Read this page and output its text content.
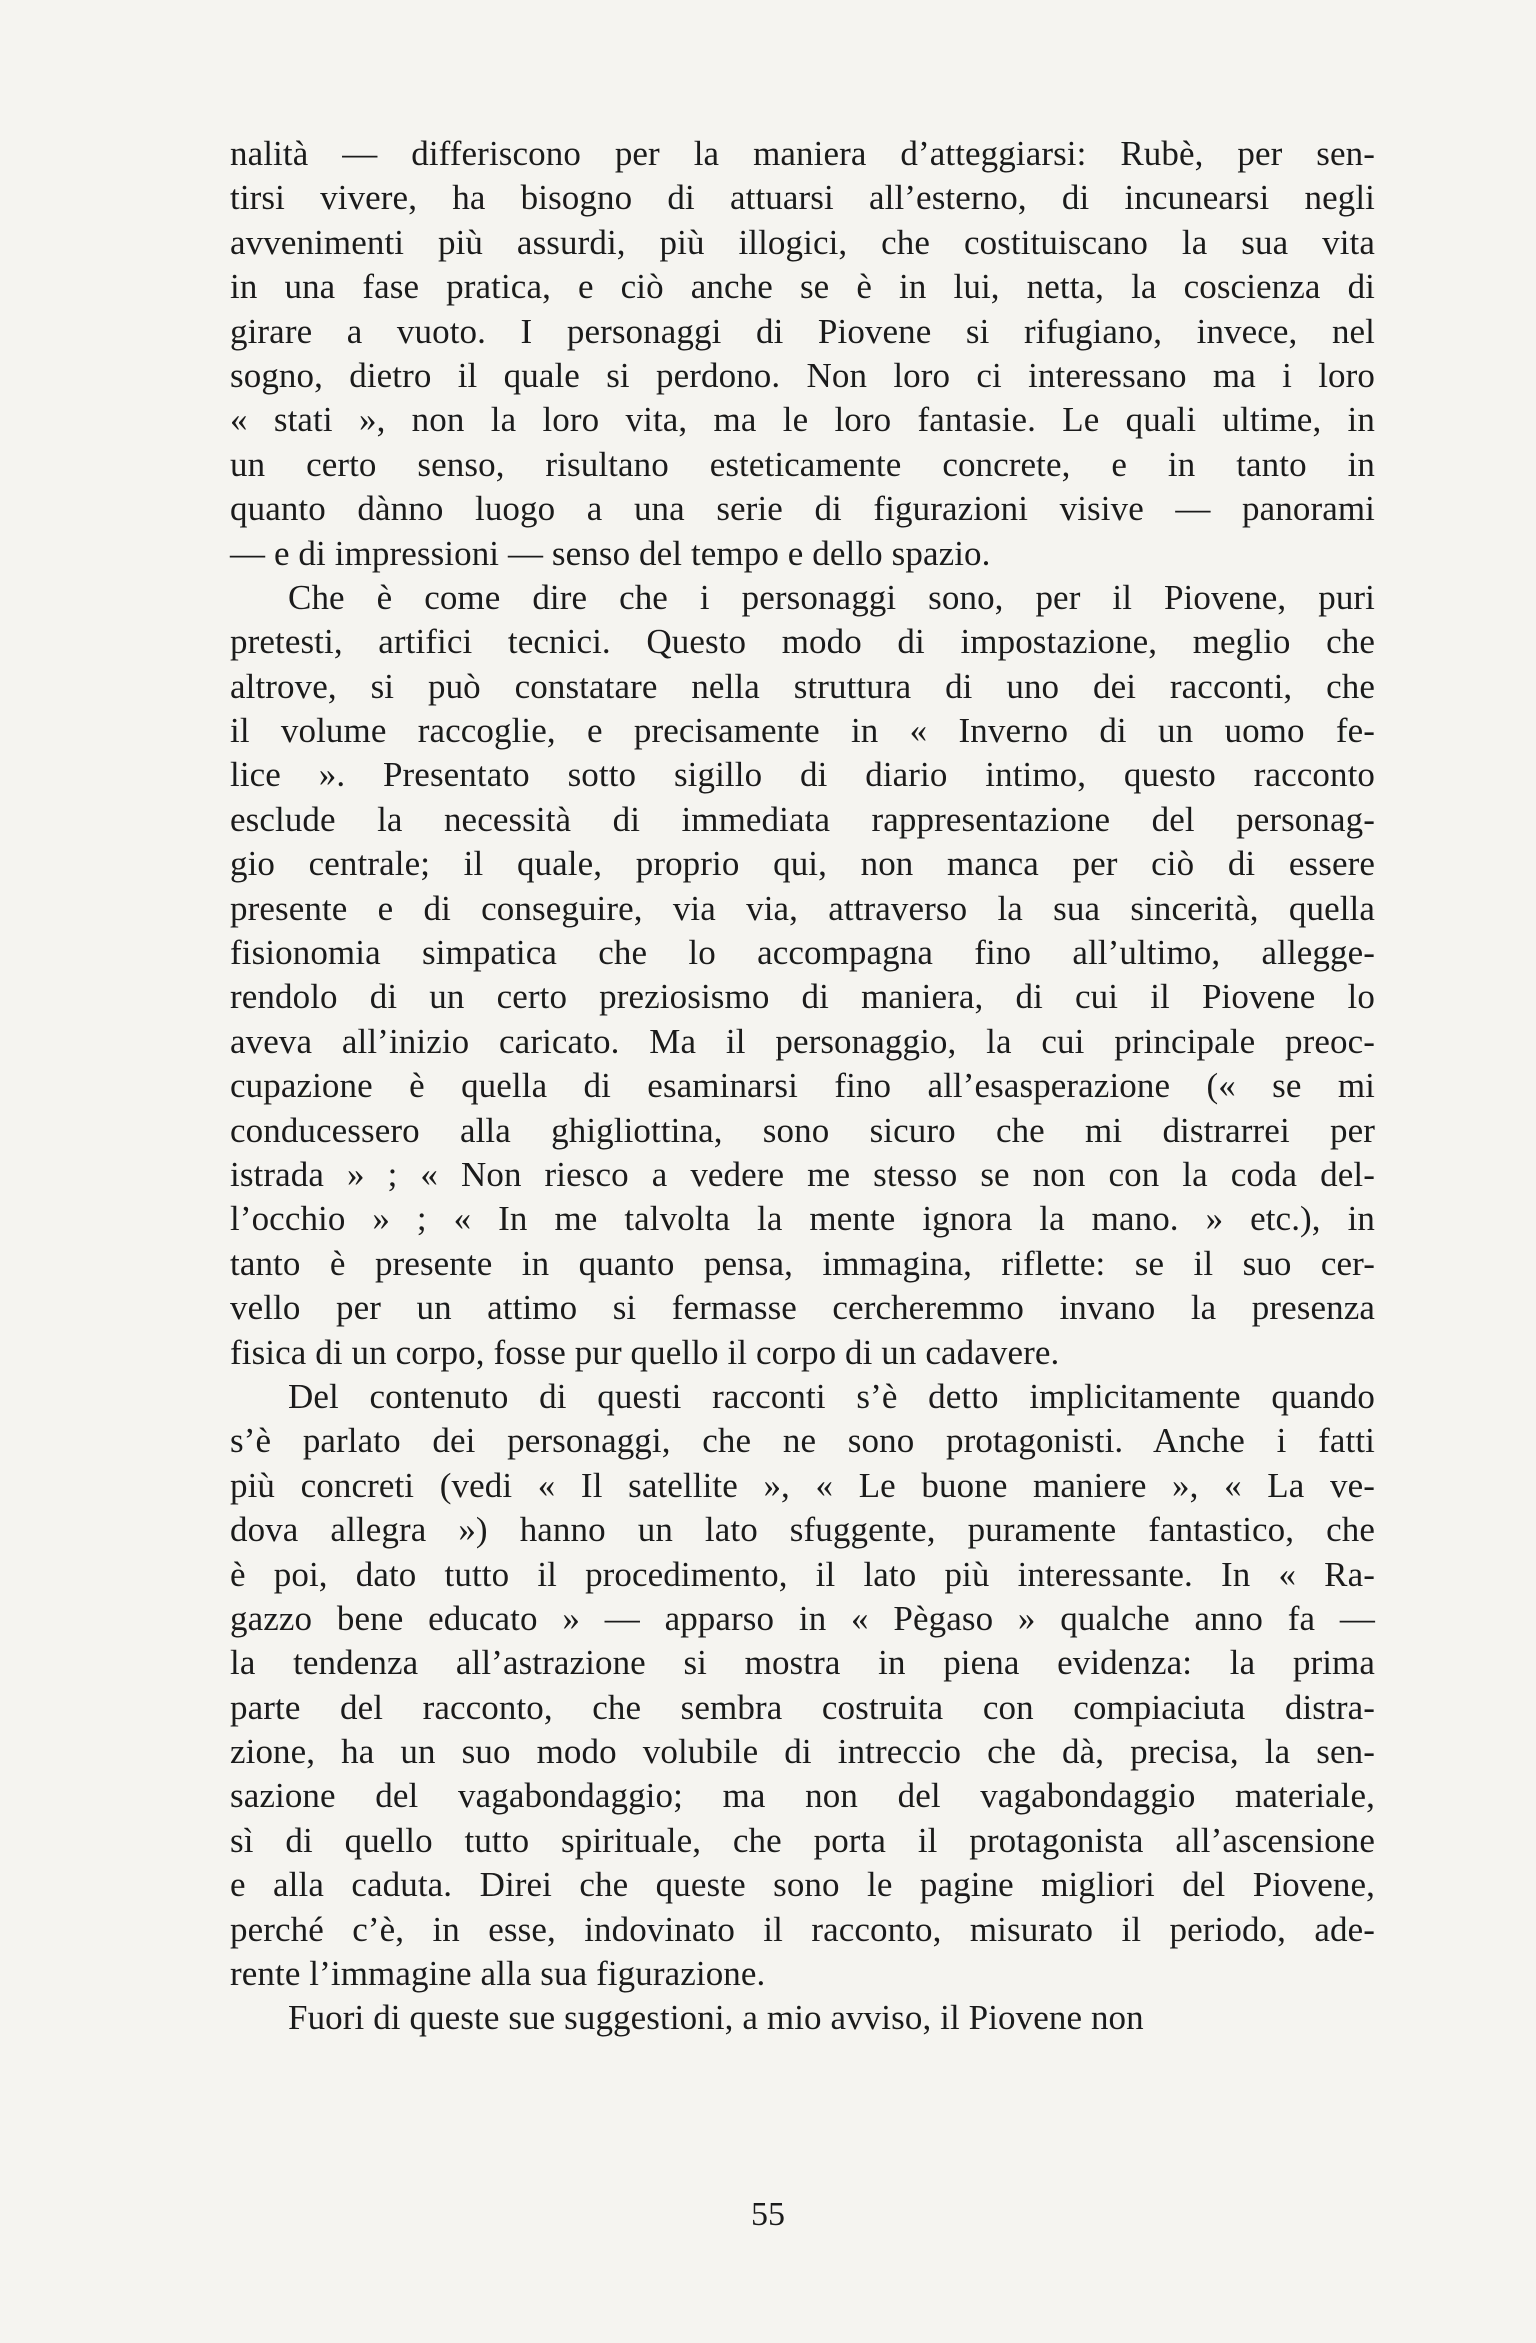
nalità — differiscono per la maniera d’atteggiarsi: Rubè, per sen-
tirsi vivere, ha bisogno di attuarsi all’esterno, di incunearsi negli
avvenimenti più assurdi, più illogici, che costituiscano la sua vita
in una fase pratica, e ciò anche se è in lui, netta, la coscienza di
girare a vuoto. I personaggi di Piovene si rifugiano, invece, nel
sogno, dietro il quale si perdono. Non loro ci interessano ma i loro
« stati », non la loro vita, ma le loro fantasie. Le quali ultime, in
un certo senso, risultano esteticamente concrete, e in tanto in
quanto dànno luogo a una serie di figurazioni visive — panorami
— e di impressioni — senso del tempo e dello spazio.
Che è come dire che i personaggi sono, per il Piovene, puri
pretesti, artifici tecnici. Questo modo di impostazione, meglio che
altrove, si può constatare nella struttura di uno dei racconti, che
il volume raccoglie, e precisamente in « Inverno di un uomo fe-
lice ». Presentato sotto sigillo di diario intimo, questo racconto
esclude la necessità di immediata rappresentazione del personag-
gio centrale; il quale, proprio qui, non manca per ciò di essere
presente e di conseguire, via via, attraverso la sua sincerità, quella
fisionomia simpatica che lo accompagna fino all’ultimo, allegge-
rendolo di un certo preziosismo di maniera, di cui il Piovene lo
aveva all’inizio caricato. Ma il personaggio, la cui principale preoc-
cupazione è quella di esaminarsi fino all’esasperazione (« se mi
conducessero alla ghigliottina, sono sicuro che mi distrarrei per
istrada » ; « Non riesco a vedere me stesso se non con la coda del-
l’occhio » ; « In me talvolta la mente ignora la mano. » etc.), in
tanto è presente in quanto pensa, immagina, riflette: se il suo cer-
vello per un attimo si fermasse cercheremmo invano la presenza
fisica di un corpo, fosse pur quello il corpo di un cadavere.
Del contenuto di questi racconti s’è detto implicitamente quando
s’è parlato dei personaggi, che ne sono protagonisti. Anche i fatti
più concreti (vedi « Il satellite », « Le buone maniere », « La ve-
dova allegra ») hanno un lato sfuggente, puramente fantastico, che
è poi, dato tutto il procedimento, il lato più interessante. In « Ra-
gazzo bene educato » — apparso in « Pègaso » qualche anno fa —
la tendenza all’astrazione si mostra in piena evidenza: la prima
parte del racconto, che sembra costruita con compiaciuta distra-
zione, ha un suo modo volubile di intreccio che dà, precisa, la sen-
sazione del vagabondaggio; ma non del vagabondaggio materiale,
sì di quello tutto spirituale, che porta il protagonista all’ascensione
e alla caduta. Direi che queste sono le pagine migliori del Piovene,
perché c’è, in esse, indovinato il racconto, misurato il periodo, ade-
rente l’immagine alla sua figurazione.
Fuori di queste sue suggestioni, a mio avviso, il Piovene non
55
